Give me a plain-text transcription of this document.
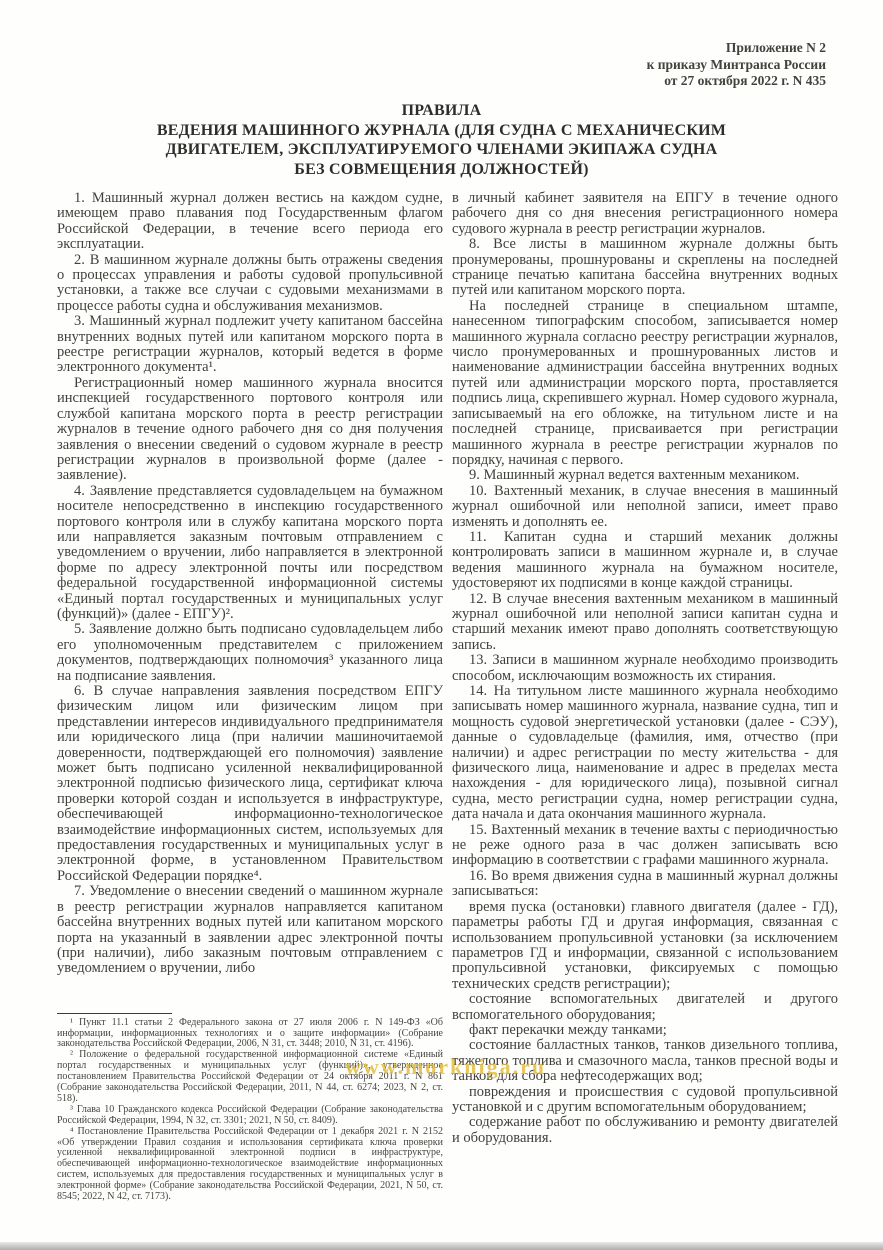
Приложение N 2
к приказу Минтранса России
от 27 октября 2022 г. N 435
ПРАВИЛА
ВЕДЕНИЯ МАШИННОГО ЖУРНАЛА (ДЛЯ СУДНА С МЕХАНИЧЕСКИМ
ДВИГАТЕЛЕМ, ЭКСПЛУАТИРУЕМОГО ЧЛЕНАМИ ЭКИПАЖА СУДНА
БЕЗ СОВМЕЩЕНИЯ ДОЛЖНОСТЕЙ)

1. Машинный журнал должен вестись на каждом судне, имеющем право плавания под Государственным флагом Российской Федерации, в течение всего периода его эксплуатации.

2. В машинном журнале должны быть отражены сведения о процессах управления и работы судовой пропульсивной установки, а также все случаи с судовыми механизмами в процессе работы судна и обслуживания механизмов.

3. Машинный журнал подлежит учету капитаном бассейна внутренних водных путей или капитаном морского порта в реестре регистрации журналов, который ведется в форме электронного документа¹.

Регистрационный номер машинного журнала вносится инспекцией государственного портового контроля или службой капитана морского порта в реестр регистрации журналов в течение одного рабочего дня со дня получения заявления о внесении сведений о судовом журнале в реестр регистрации журналов в произвольной форме (далее - заявление).

4. Заявление представляется судовладельцем на бумажном носителе непосредственно в инспекцию государственного портового контроля или в службу капитана морского порта или направляется заказным почтовым отправлением с уведомлением о вручении, либо направляется в электронной форме по адресу электронной почты или посредством федеральной государственной информационной системы «Единый портал государственных и муниципальных услуг (функций)» (далее - ЕПГУ)².

5. Заявление должно быть подписано судовладельцем либо его уполномоченным представителем с приложением документов, подтверждающих полномочия³ указанного лица на подписание заявления.

6. В случае направления заявления посредством ЕПГУ физическим лицом или физическим лицом при представлении интересов индивидуального предпринимателя или юридического лица (при наличии машиночитаемой доверенности, подтверждающей его полномочия) заявление может быть подписано усиленной неквалифицированной электронной подписью физического лица, сертификат ключа проверки которой создан и используется в инфраструктуре, обеспечивающей информационно-технологическое взаимодействие информационных систем, используемых для предоставления государственных и муниципальных услуг в электронной форме, в установленном Правительством Российской Федерации порядке⁴.

7. Уведомление о внесении сведений о машинном журнале в реестр регистрации журналов направляется капитаном бассейна внутренних водных путей или капитаном морского порта на указанный в заявлении адрес электронной почты (при наличии), либо заказным почтовым отправлением с уведомлением о вручении, либо

¹ Пункт 11.1 статьи 2 Федерального закона от 27 июля 2006 г. N 149-ФЗ «Об информации, информационных технологиях и о защите информации» (Собрание законодательства Российской Федерации, 2006, N 31, ст. 3448; 2010, N 31, ст. 4196).

² Положение о федеральной государственной информационной системе «Единый портал государственных и муниципальных услуг (функций)», утвержденное постановлением Правительства Российской Федерации от 24 октября 2011 г. N 861 (Собрание законодательства Российской Федерации, 2011, N 44, ст. 6274; 2023, N 2, ст. 518).

³ Глава 10 Гражданского кодекса Российской Федерации (Собрание законодательства Российской Федерации, 1994, N 32, ст. 3301; 2021, N 50, ст. 8409).

⁴ Постановление Правительства Российской Федерации от 1 декабря 2021 г. N 2152 «Об утверждении Правил создания и использования сертификата ключа проверки усиленной неквалифицированной электронной подписи в инфраструктуре, обеспечивающей информационно-технологическое взаимодействие информационных систем, используемых для предоставления государственных и муниципальных услуг в электронной форме» (Собрание законодательства Российской Федерации, 2021, N 50, ст. 8545; 2022, N 42, ст. 7173).

в личный кабинет заявителя на ЕПГУ в течение одного рабочего дня со дня внесения регистрационного номера судового журнала в реестр регистрации журналов.

8. Все листы в машинном журнале должны быть пронумерованы, прошнурованы и скреплены на последней странице печатью капитана бассейна внутренних водных путей или капитаном морского порта.

На последней странице в специальном штампе, нанесенном типографским способом, записывается номер машинного журнала согласно реестру регистрации журналов, число пронумерованных и прошнурованных листов и наименование администрации бассейна внутренних водных путей или администрации морского порта, проставляется подпись лица, скрепившего журнал. Номер судового журнала, записываемый на его обложке, на титульном листе и на последней странице, присваивается при регистрации машинного журнала в реестре регистрации журналов по порядку, начиная с первого.

9. Машинный журнал ведется вахтенным механиком.

10. Вахтенный механик, в случае внесения в машинный журнал ошибочной или неполной записи, имеет право изменять и дополнять ее.

11. Капитан судна и старший механик должны контролировать записи в машинном журнале и, в случае ведения машинного журнала на бумажном носителе, удостоверяют их подписями в конце каждой страницы.

12. В случае внесения вахтенным механиком в машинный журнал ошибочной или неполной записи капитан судна и старший механик имеют право дополнять соответствующую запись.

13. Записи в машинном журнале необходимо производить способом, исключающим возможность их стирания.

14. На титульном листе машинного журнала необходимо записывать номер машинного журнала, название судна, тип и мощность судовой энергетической установки (далее - СЭУ), данные о судовладельце (фамилия, имя, отчество (при наличии) и адрес регистрации по месту жительства - для физического лица, наименование и адрес в пределах места нахождения - для юридического лица), позывной сигнал судна, место регистрации судна, номер регистрации судна, дата начала и дата окончания машинного журнала.

15. Вахтенный механик в течение вахты с периодичностью не реже одного раза в час должен записывать всю информацию в соответствии с графами машинного журнала.

16. Во время движения судна в машинный журнал должны записываться:

время пуска (остановки) главного двигателя (далее - ГД), параметры работы ГД и другая информация, связанная с использованием пропульсивной установки (за исключением параметров ГД и информации, связанной с использованием пропульсивной установки, фиксируемых с помощью технических средств регистрации);

состояние вспомогательных двигателей и другого вспомогательного оборудования;

факт перекачки между танками;

состояние балластных танков, танков дизельного топлива, тяжелого топлива и смазочного масла, танков пресной воды и танков для сбора нефтесодержащих вод;

повреждения и происшествия с судовой пропульсивной установкой и с другим вспомогательным оборудованием;

содержание работ по обслуживанию и ремонту двигателей и оборудования.

www.morkniga.ru
